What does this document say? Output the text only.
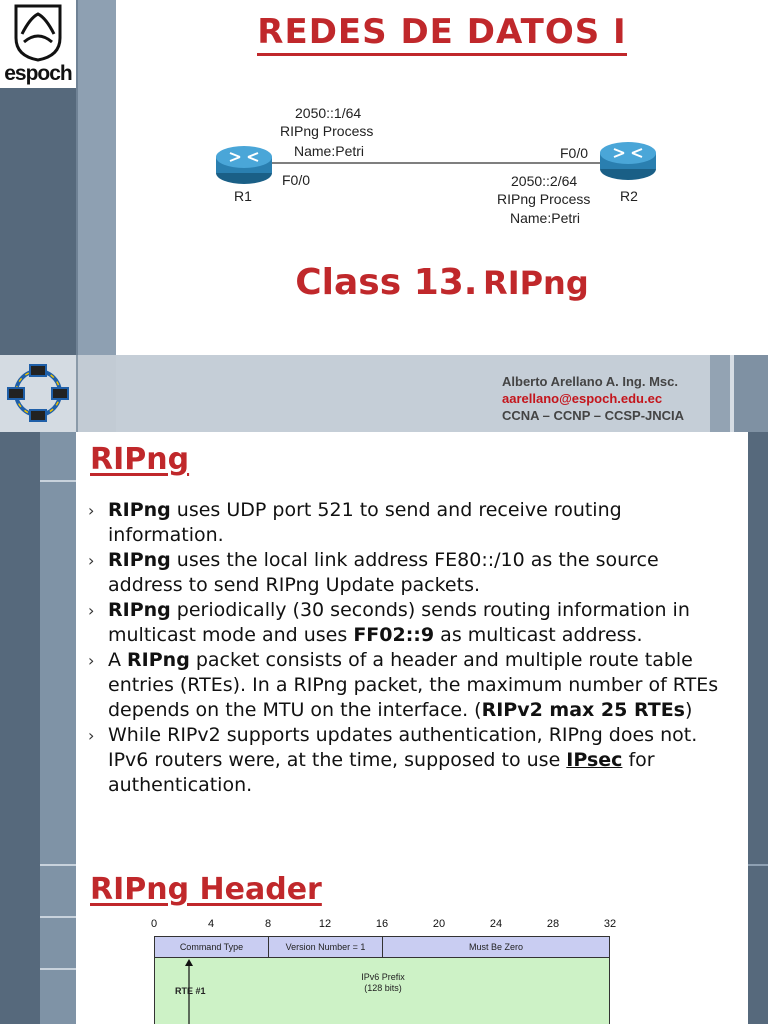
espoch
REDES DE DATOS I
2050::1/64
RIPng Process
Name:Petri
F0/0
R1
F0/0
2050::2/64
RIPng Process
Name:Petri
R2
Class 13. RIPng
Alberto Arellano A. Ing. Msc.
aarellano@espoch.edu.ec
CCNA – CCNP – CCSP-JNCIA
RIPng
› RIPng uses UDP port 521 to send and receive routing information.
› RIPng uses the local link address FE80::/10 as the source address to send RIPng Update packets.
› RIPng periodically (30 seconds) sends routing information in multicast mode and uses FF02::9 as multicast address.
› A RIPng packet consists of a header and multiple route table entries (RTEs). In a RIPng packet, the maximum number of RTEs depends on the MTU on the interface. (RIPv2 max 25 RTEs)
› While RIPv2 supports updates authentication, RIPng does not. IPv6 routers were, at the time, supposed to use IPsec for authentication.
RIPng Header
0	4	8	12	16	20	24	28	32
Command Type	Version Number = 1	Must Be Zero
IPv6 Prefix
(128 bits)
RTE #1
